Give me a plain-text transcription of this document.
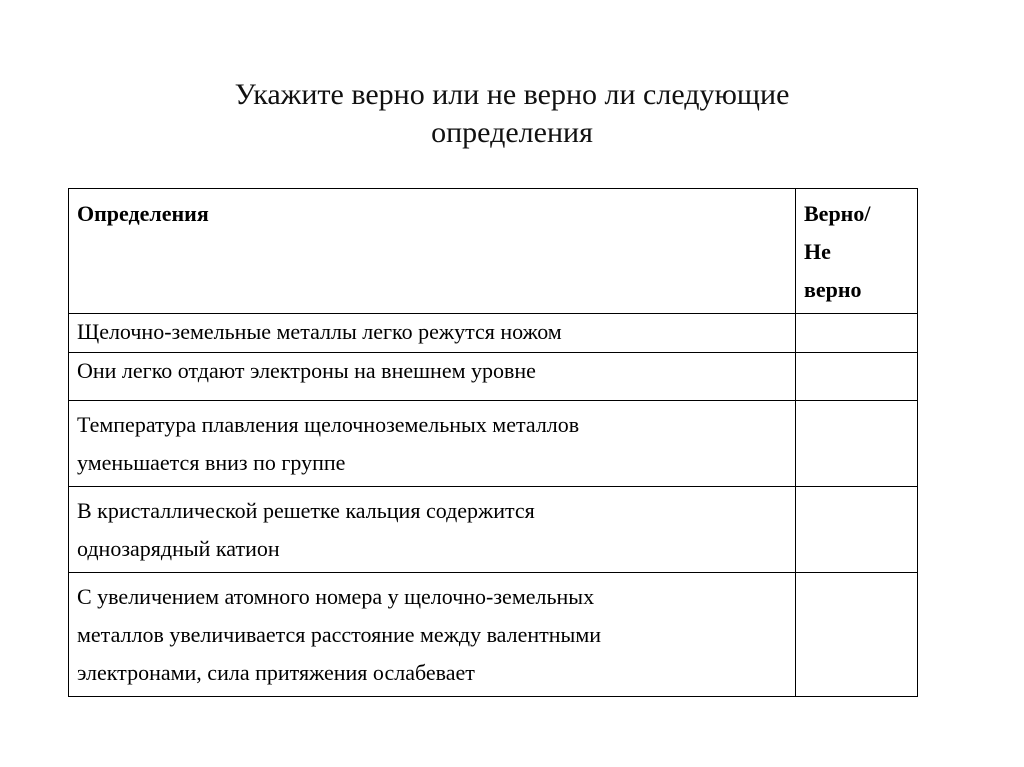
Укажите верно или не верно ли следующие
определения
Определения	Верно/
Не
верно

Щелочно-земельные металлы легко режутся ножом	

Они легко отдают электроны на внешнем уровне	

Температура плавления щелочноземельных металлов
уменьшается вниз по группе	

В кристаллической решетке кальция содержится
однозарядный катион	

С увеличением атомного номера у щелочно-земельных
металлов увеличивается расстояние между валентными
электронами, сила притяжения ослабевает	
